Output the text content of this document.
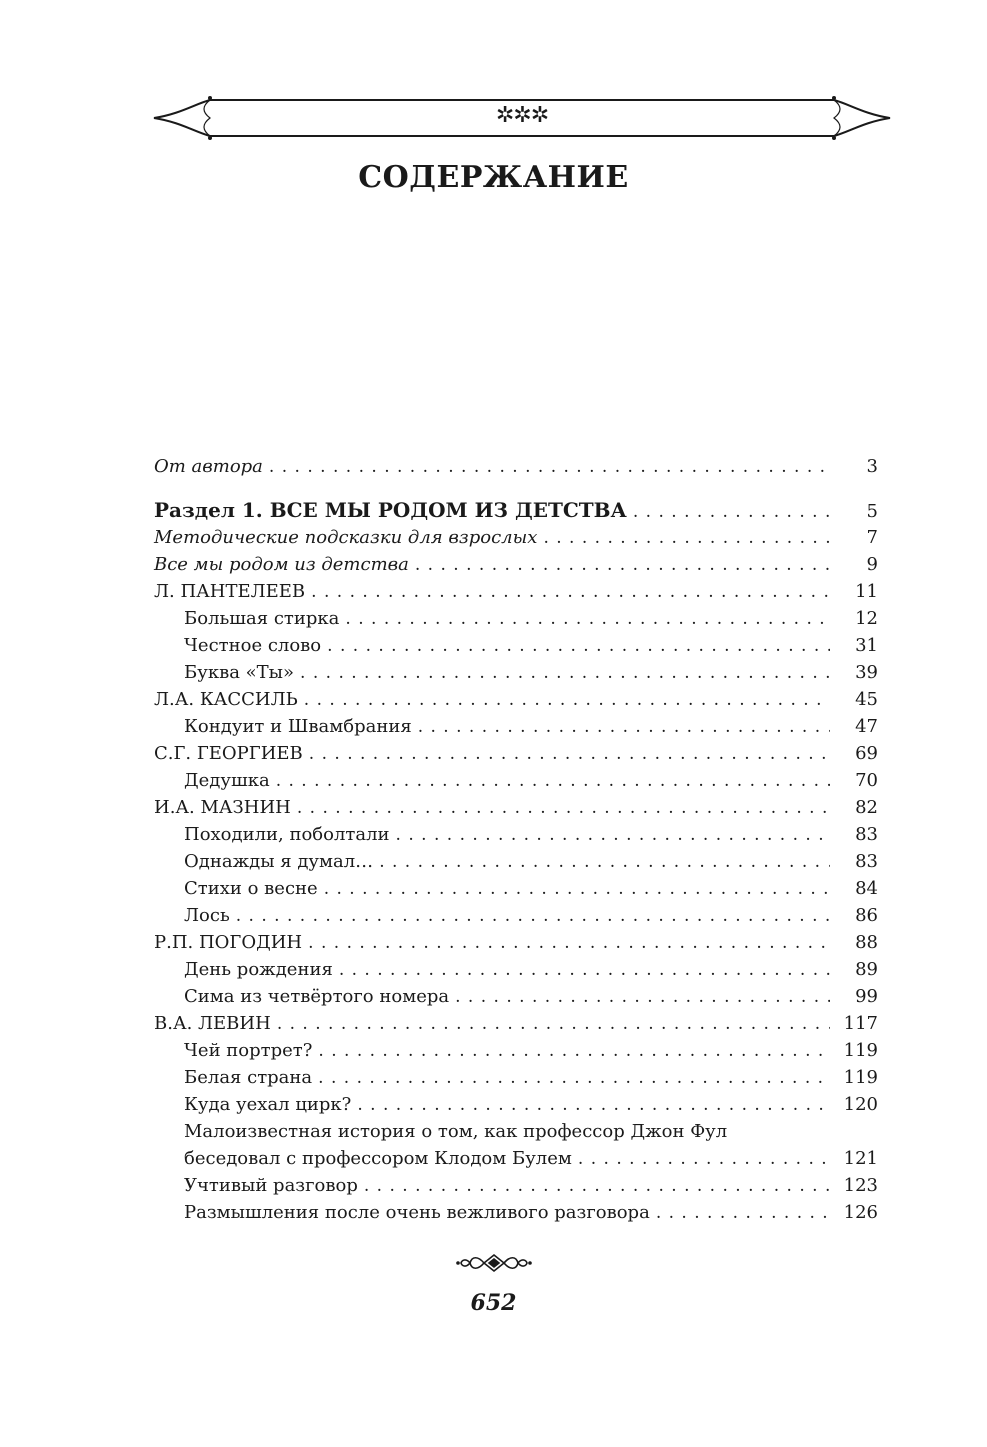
✲✲✲
СОДЕРЖАНИЕ
От автора . . .	3
Раздел 1. ВСЕ МЫ РОДОМ ИЗ ДЕТСТВА . . .	5
Методические подсказки для взрослых . . .	7
Все мы родом из детства . . .	9
Л. ПАНТЕЛЕЕВ . . .	11
Большая стирка . . .	12
Честное слово . . .	31
Буква «Ты» . . .	39
Л.А. КАССИЛЬ . . .	45
Кондуит и Швамбрания . . .	47
С.Г. ГЕОРГИЕВ . . .	69
Дедушка . . .	70
И.А. МАЗНИН . . .	82
Походили, поболтали . . .	83
Однажды я думал… . . .	83
Стихи о весне . . .	84
Лось . . .	86
Р.П. ПОГОДИН . . .	88
День рождения . . .	89
Сима из четвёртого номера . . .	99
В.А. ЛЕВИН . . .	117
Чей портрет? . . .	119
Белая страна . . .	119
Куда уехал цирк? . . .	120
Малоизвестная история о том, как профессор Джон Фул
беседовал с профессором Клодом Булем . . .	121
Учтивый разговор . . .	123
Размышления после очень вежливого разговора . . .	126
652
